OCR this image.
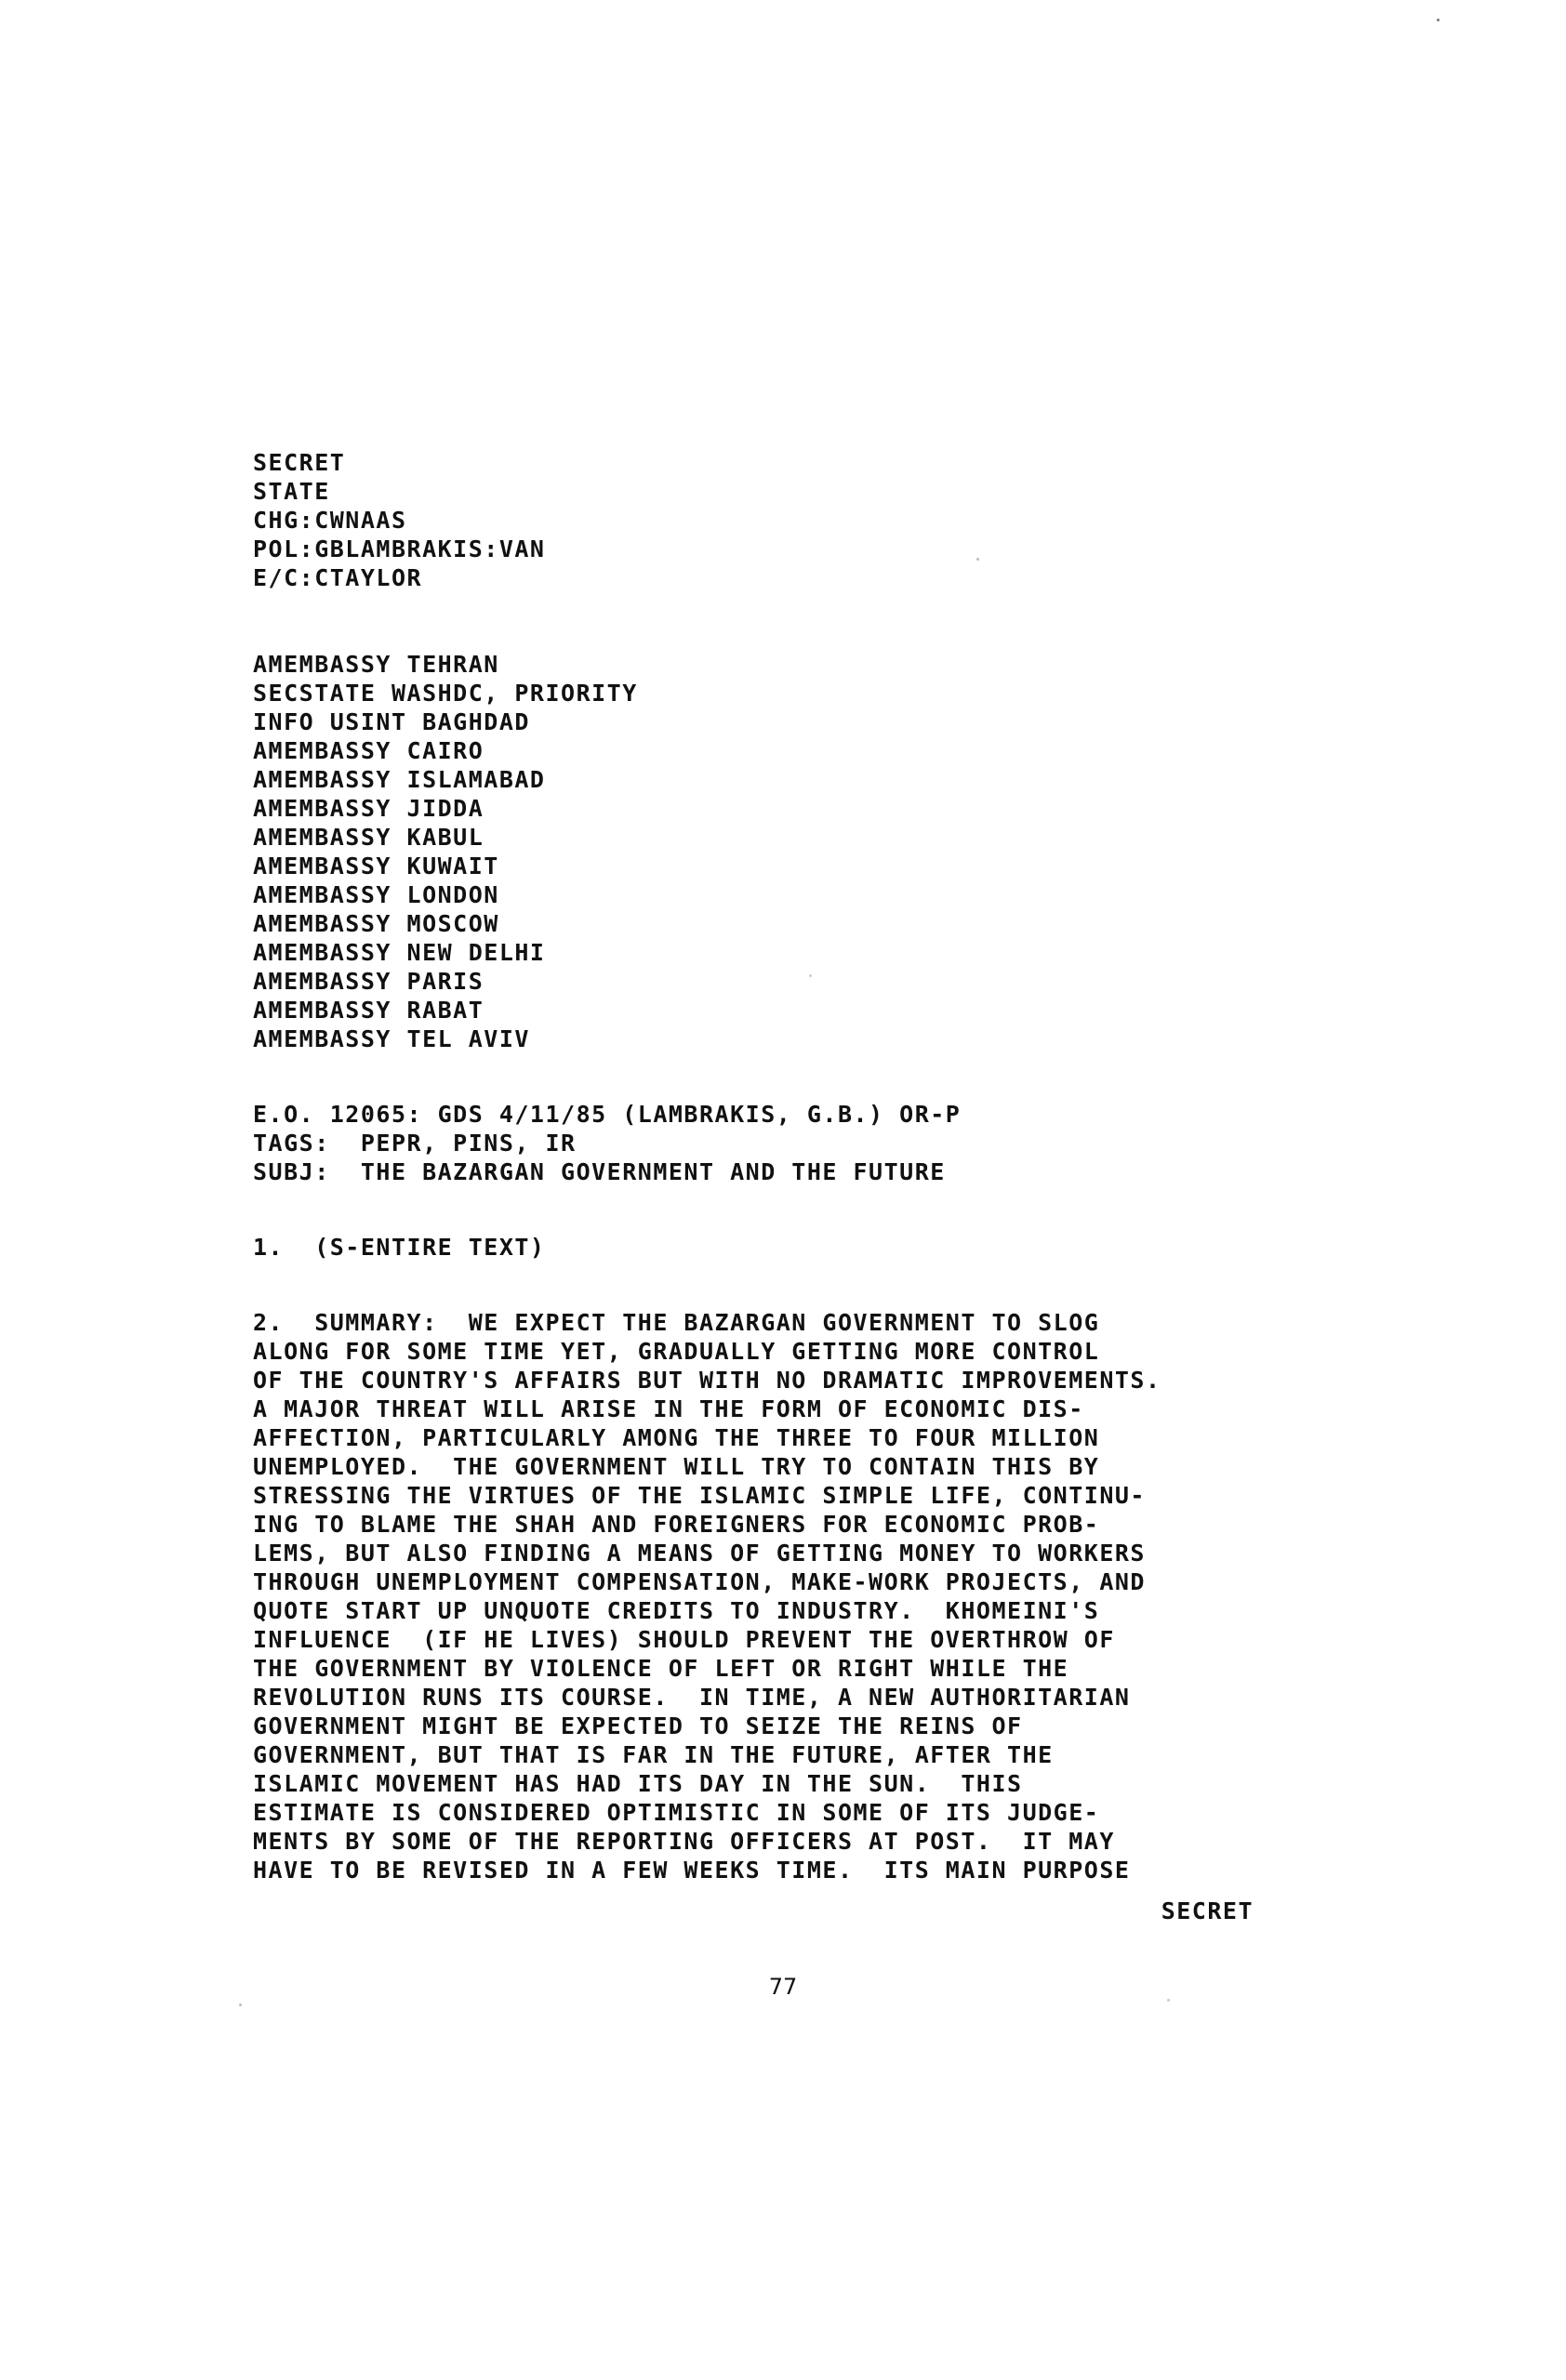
SECRET
STATE
CHG:CWNAAS
POL:GBLAMBRAKIS:VAN
E/C:CTAYLOR
AMEMBASSY TEHRAN
SECSTATE WASHDC, PRIORITY
INFO USINT BAGHDAD
AMEMBASSY CAIRO
AMEMBASSY ISLAMABAD
AMEMBASSY JIDDA
AMEMBASSY KABUL
AMEMBASSY KUWAIT
AMEMBASSY LONDON
AMEMBASSY MOSCOW
AMEMBASSY NEW DELHI
AMEMBASSY PARIS
AMEMBASSY RABAT
AMEMBASSY TEL AVIV
E.O. 12065: GDS 4/11/85 (LAMBRAKIS, G.B.) OR-P
TAGS:  PEPR, PINS, IR
SUBJ:  THE BAZARGAN GOVERNMENT AND THE FUTURE
1.  (S-ENTIRE TEXT)
2.  SUMMARY:  WE EXPECT THE BAZARGAN GOVERNMENT TO SLOG
ALONG FOR SOME TIME YET, GRADUALLY GETTING MORE CONTROL
OF THE COUNTRY'S AFFAIRS BUT WITH NO DRAMATIC IMPROVEMENTS.
A MAJOR THREAT WILL ARISE IN THE FORM OF ECONOMIC DIS-
AFFECTION, PARTICULARLY AMONG THE THREE TO FOUR MILLION
UNEMPLOYED.  THE GOVERNMENT WILL TRY TO CONTAIN THIS BY
STRESSING THE VIRTUES OF THE ISLAMIC SIMPLE LIFE, CONTINU-
ING TO BLAME THE SHAH AND FOREIGNERS FOR ECONOMIC PROB-
LEMS, BUT ALSO FINDING A MEANS OF GETTING MONEY TO WORKERS
THROUGH UNEMPLOYMENT COMPENSATION, MAKE-WORK PROJECTS, AND
QUOTE START UP UNQUOTE CREDITS TO INDUSTRY.  KHOMEINI'S
INFLUENCE  (IF HE LIVES) SHOULD PREVENT THE OVERTHROW OF
THE GOVERNMENT BY VIOLENCE OF LEFT OR RIGHT WHILE THE
REVOLUTION RUNS ITS COURSE.  IN TIME, A NEW AUTHORITARIAN
GOVERNMENT MIGHT BE EXPECTED TO SEIZE THE REINS OF
GOVERNMENT, BUT THAT IS FAR IN THE FUTURE, AFTER THE
ISLAMIC MOVEMENT HAS HAD ITS DAY IN THE SUN.  THIS
ESTIMATE IS CONSIDERED OPTIMISTIC IN SOME OF ITS JUDGE-
MENTS BY SOME OF THE REPORTING OFFICERS AT POST.  IT MAY
HAVE TO BE REVISED IN A FEW WEEKS TIME.  ITS MAIN PURPOSE
SECRET
77
